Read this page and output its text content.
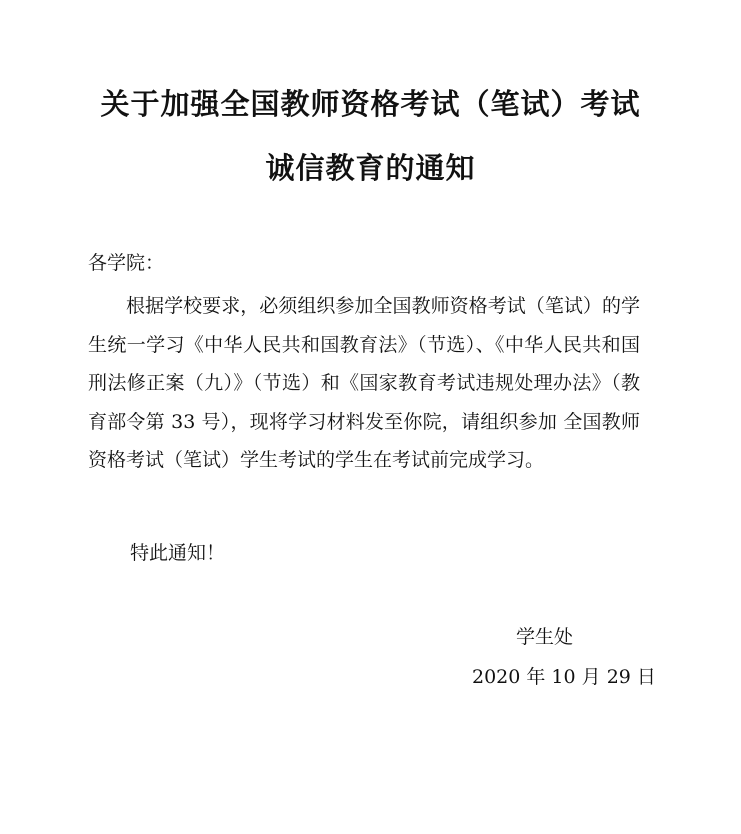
关于加强全国教师资格考试（笔试）考试
诚信教育的通知
各学院：
根据学校要求，必须组织参加全国教师资格考试（笔试）的学生统一学习《中华人民共和国教育法》（节选）、《中华人民共和国刑法修正案（九）》（节选）和《国家教育考试违规处理办法》（教育部令第 33 号），现将学习材料发至你院，请组织参加 全国教师资格考试（笔试）学生考试的学生在考试前完成学习。
特此通知！
学生处
2020 年 10 月 29 日
